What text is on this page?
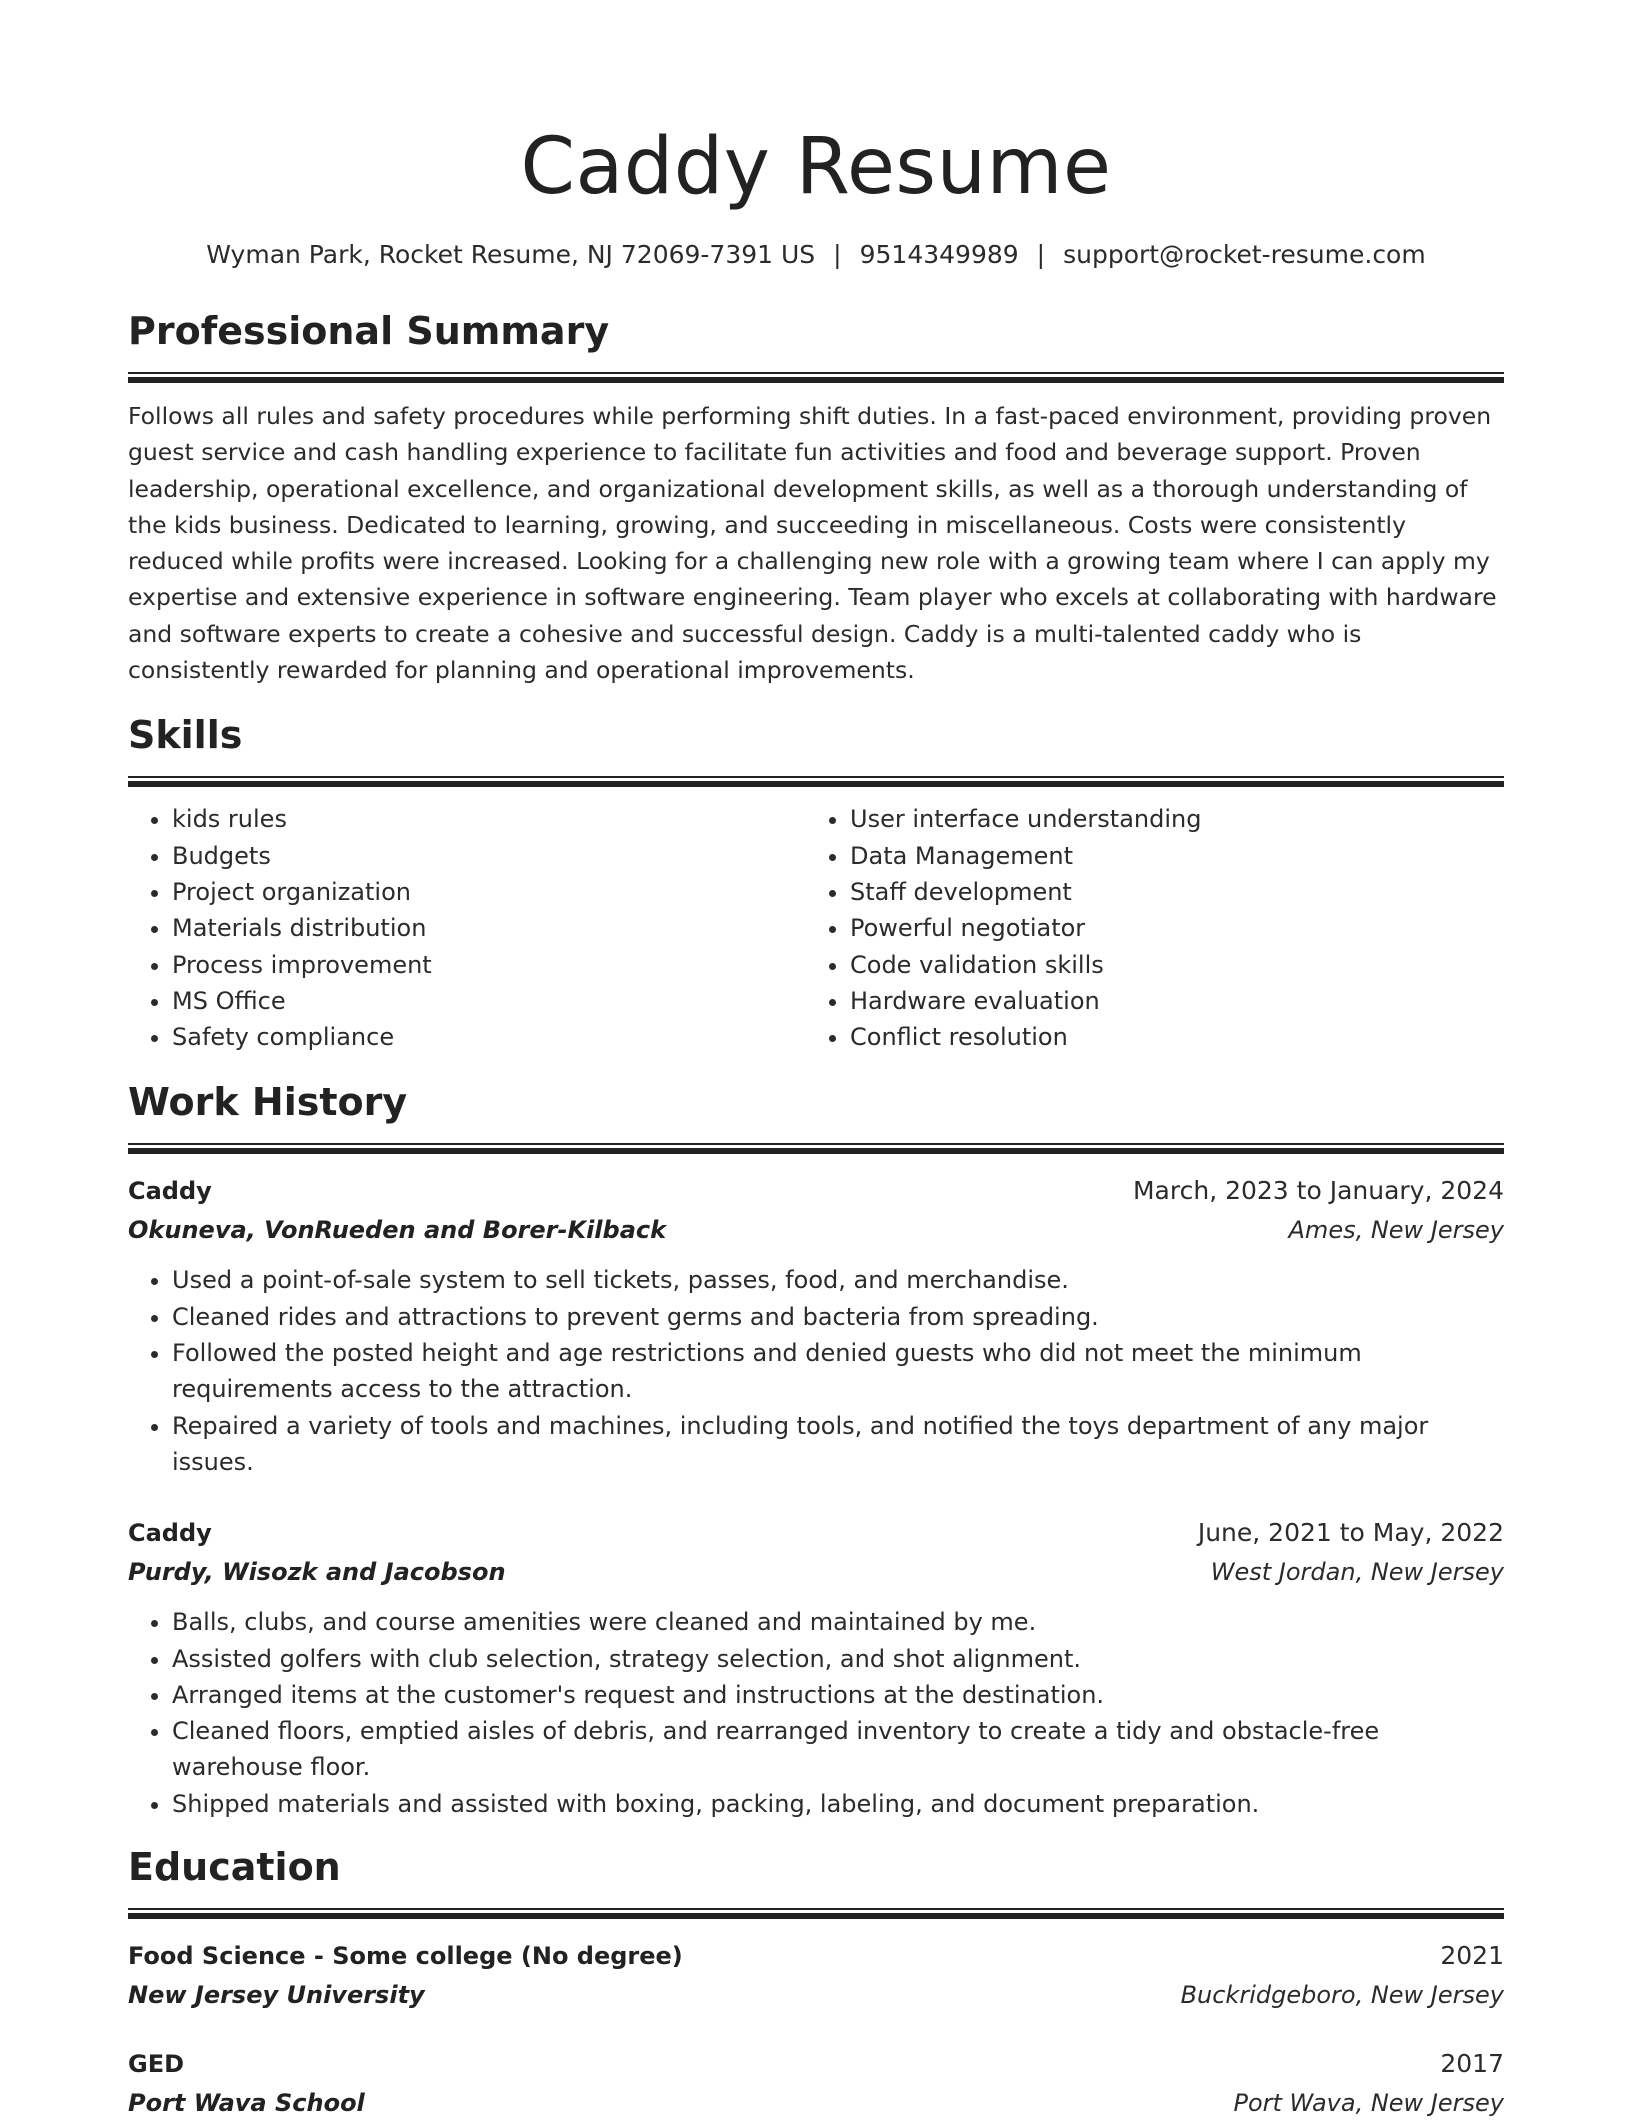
Caddy Resume
Wyman Park, Rocket Resume, NJ 72069-7391 US | 9514349989 | support@rocket-resume.com
Professional Summary
Follows all rules and safety procedures while performing shift duties. In a fast-paced environment, providing proven guest service and cash handling experience to facilitate fun activities and food and beverage support. Proven leadership, operational excellence, and organizational development skills, as well as a thorough understanding of the kids business. Dedicated to learning, growing, and succeeding in miscellaneous. Costs were consistently reduced while profits were increased. Looking for a challenging new role with a growing team where I can apply my expertise and extensive experience in software engineering. Team player who excels at collaborating with hardware and software experts to create a cohesive and successful design. Caddy is a multi-talented caddy who is consistently rewarded for planning and operational improvements.
Skills
• kids rules
• Budgets
• Project organization
• Materials distribution
• Process improvement
• MS Office
• Safety compliance
• User interface understanding
• Data Management
• Staff development
• Powerful negotiator
• Code validation skills
• Hardware evaluation
• Conflict resolution
Work History
Caddy	March, 2023 to January, 2024
Okuneva, VonRueden and Borer-Kilback	Ames, New Jersey
• Used a point-of-sale system to sell tickets, passes, food, and merchandise.
• Cleaned rides and attractions to prevent germs and bacteria from spreading.
• Followed the posted height and age restrictions and denied guests who did not meet the minimum requirements access to the attraction.
• Repaired a variety of tools and machines, including tools, and notified the toys department of any major issues.
Caddy	June, 2021 to May, 2022
Purdy, Wisozk and Jacobson	West Jordan, New Jersey
• Balls, clubs, and course amenities were cleaned and maintained by me.
• Assisted golfers with club selection, strategy selection, and shot alignment.
• Arranged items at the customer's request and instructions at the destination.
• Cleaned floors, emptied aisles of debris, and rearranged inventory to create a tidy and obstacle-free warehouse floor.
• Shipped materials and assisted with boxing, packing, labeling, and document preparation.
Education
Food Science - Some college (No degree)	2021
New Jersey University	Buckridgeboro, New Jersey
GED	2017
Port Wava School	Port Wava, New Jersey
